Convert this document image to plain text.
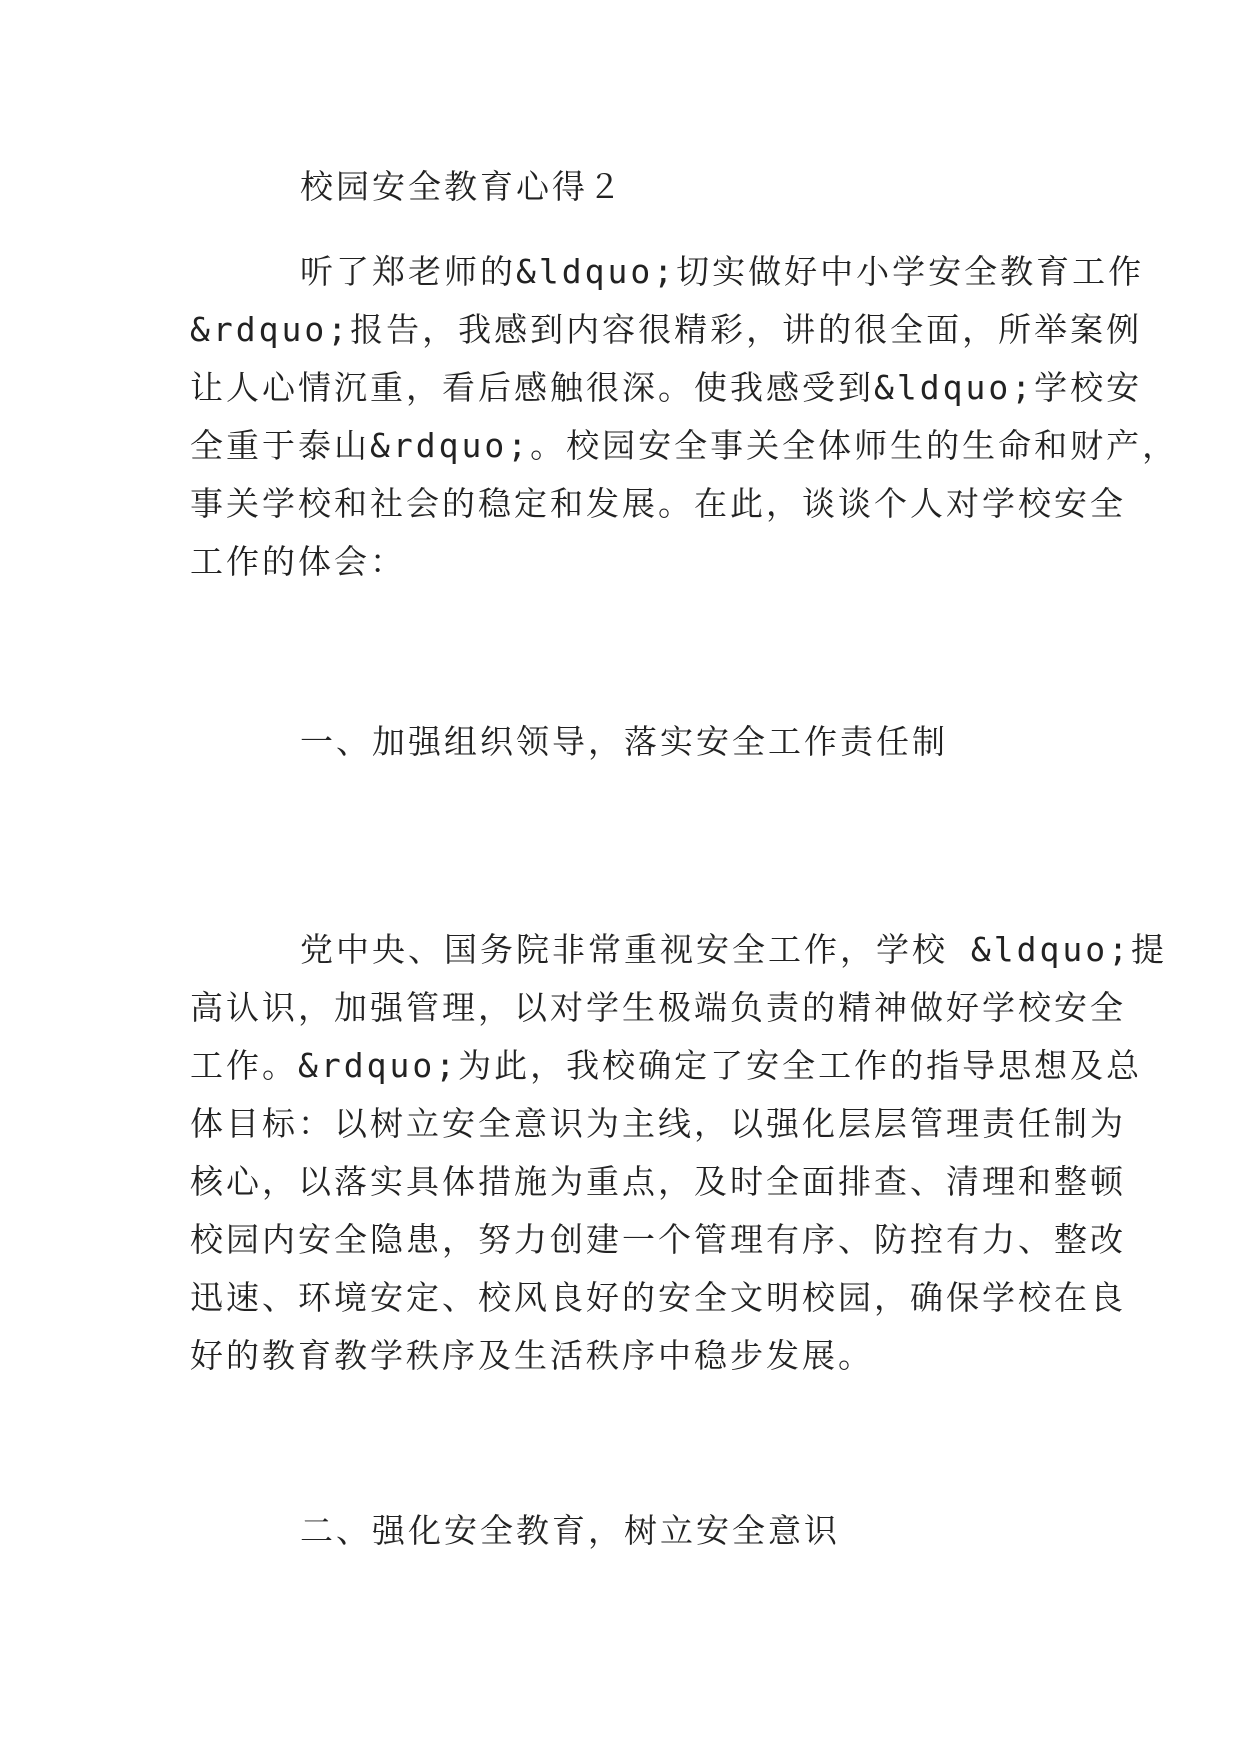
校园安全教育心得２
听了郑老师的&ldquo;切实做好中小学安全教育工作
&rdquo;报告，我感到内容很精彩，讲的很全面，所举案例
让人心情沉重，看后感触很深。使我感受到&ldquo;学校安
全重于泰山&rdquo;。校园安全事关全体师生的生命和财产，
事关学校和社会的稳定和发展。在此，谈谈个人对学校安全
工作的体会：
一、加强组织领导，落实安全工作责任制
党中央、国务院非常重视安全工作，学校 &ldquo;提
高认识，加强管理，以对学生极端负责的精神做好学校安全
工作。&rdquo;为此，我校确定了安全工作的指导思想及总
体目标：以树立安全意识为主线，以强化层层管理责任制为
核心，以落实具体措施为重点，及时全面排查、清理和整顿
校园内安全隐患，努力创建一个管理有序、防控有力、整改
迅速、环境安定、校风良好的安全文明校园，确保学校在良
好的教育教学秩序及生活秩序中稳步发展。
二、强化安全教育，树立安全意识
